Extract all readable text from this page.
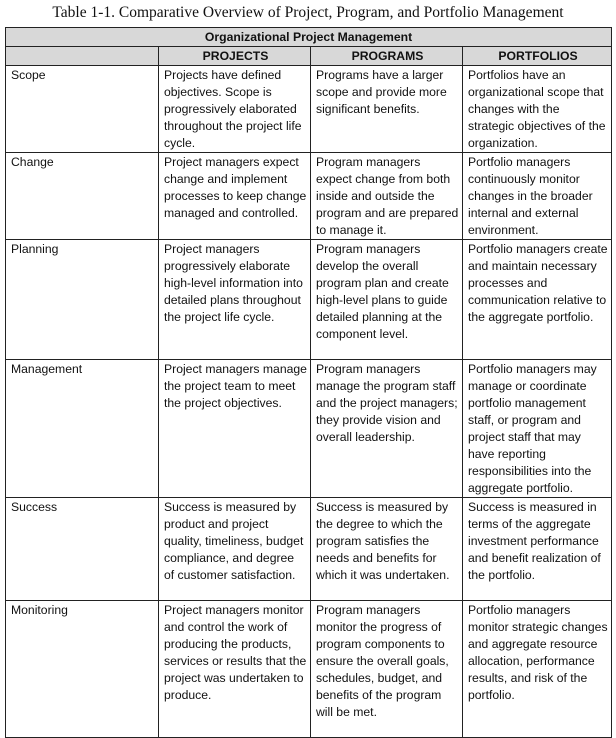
Table 1-1. Comparative Overview of Project, Program, and Portfolio Management
Organizational Project Management			
	PROJECTS	PROGRAMS	PORTFOLIOS
Scope	Projects have defined objectives. Scope is progressively elaborated throughout the project life cycle.	Programs have a larger scope and provide more significant benefits.	Portfolios have an organizational scope that changes with the strategic objectives of the organization.
Change	Project managers expect change and implement processes to keep change managed and controlled.	Program managers expect change from both inside and outside the program and are prepared to manage it.	Portfolio managers continuously monitor changes in the broader internal and external environment.
Planning	Project managers progressively elaborate high-level information into detailed plans throughout the project life cycle.	Program managers develop the overall program plan and create high-level plans to guide detailed planning at the component level.	Portfolio managers create and maintain necessary processes and communication relative to the aggregate portfolio.
Management	Project managers manage the project team to meet the project objectives.	Program managers manage the program staff and the project managers; they provide vision and overall leadership.	Portfolio managers may manage or coordinate portfolio management staff, or program and project staff that may have reporting responsibilities into the aggregate portfolio.
Success	Success is measured by product and project quality, timeliness, budget compliance, and degree of customer satisfaction.	Success is measured by the degree to which the program satisfies the needs and benefits for which it was undertaken.	Success is measured in terms of the aggregate investment performance and benefit realization of the portfolio.
Monitoring	Project managers monitor and control the work of producing the products, services or results that the project was undertaken to produce.	Program managers monitor the progress of program components to ensure the overall goals, schedules, budget, and benefits of the program will be met.	Portfolio managers monitor strategic changes and aggregate resource allocation, performance results, and risk of the portfolio.
